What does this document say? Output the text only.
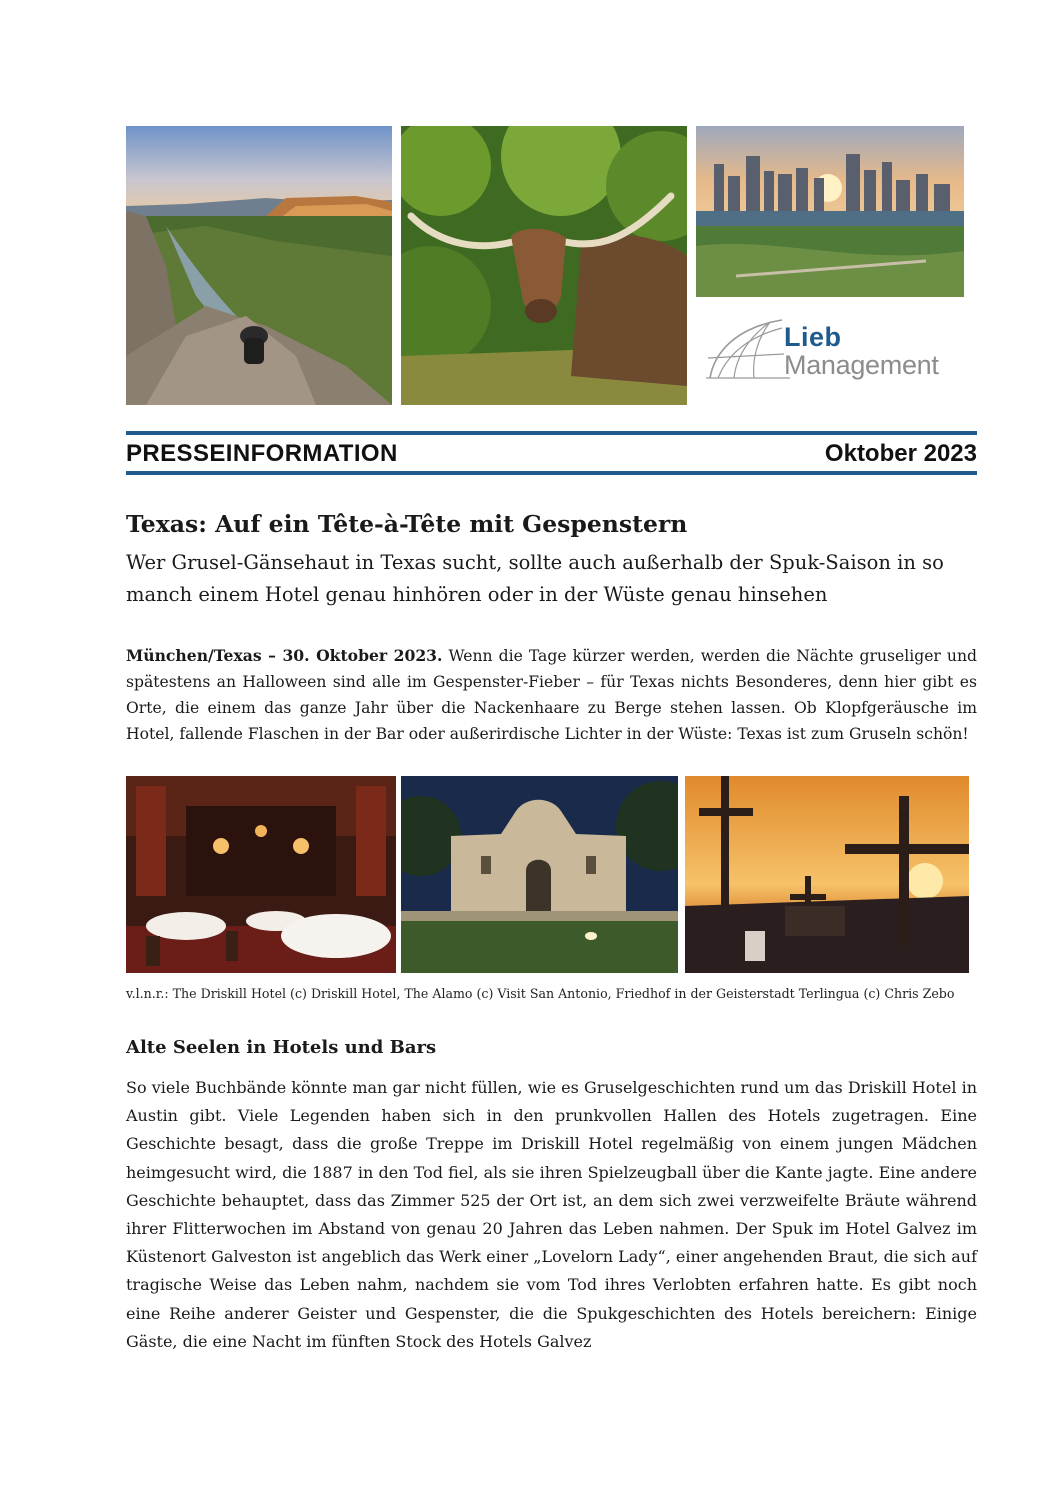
Lieb
Management
PRESSEINFORMATION	Oktober 2023
Texas: Auf ein Tête-à-Tête mit Gespenstern
Wer Grusel-Gänsehaut in Texas sucht, sollte auch außerhalb der Spuk-Saison in so manch einem Hotel genau hinhören oder in der Wüste genau hinsehen
München/Texas – 30. Oktober 2023. Wenn die Tage kürzer werden, werden die Nächte gruseliger und spätestens an Halloween sind alle im Gespenster-Fieber – für Texas nichts Besonderes, denn hier gibt es Orte, die einem das ganze Jahr über die Nackenhaare zu Berge stehen lassen. Ob Klopfgeräusche im Hotel, fallende Flaschen in der Bar oder außerirdische Lichter in der Wüste: Texas ist zum Gruseln schön!
v.l.n.r.: The Driskill Hotel (c) Driskill Hotel, The Alamo (c) Visit San Antonio, Friedhof in der Geisterstadt Terlingua (c) Chris Zebo
Alte Seelen in Hotels und Bars
So viele Buchbände könnte man gar nicht füllen, wie es Gruselgeschichten rund um das Driskill Hotel in Austin gibt. Viele Legenden haben sich in den prunkvollen Hallen des Hotels zugetragen. Eine Geschichte besagt, dass die große Treppe im Driskill Hotel regelmäßig von einem jungen Mädchen heimgesucht wird, die 1887 in den Tod fiel, als sie ihren Spielzeugball über die Kante jagte. Eine andere Geschichte behauptet, dass das Zimmer 525 der Ort ist, an dem sich zwei verzweifelte Bräute während ihrer Flitterwochen im Abstand von genau 20 Jahren das Leben nahmen. Der Spuk im Hotel Galvez im Küstenort Galveston ist angeblich das Werk einer „Lovelorn Lady“, einer angehenden Braut, die sich auf tragische Weise das Leben nahm, nachdem sie vom Tod ihres Verlobten erfahren hatte. Es gibt noch eine Reihe anderer Geister und Gespenster, die die Spukgeschichten des Hotels bereichern: Einige Gäste, die eine Nacht im fünften Stock des Hotels Galvez
